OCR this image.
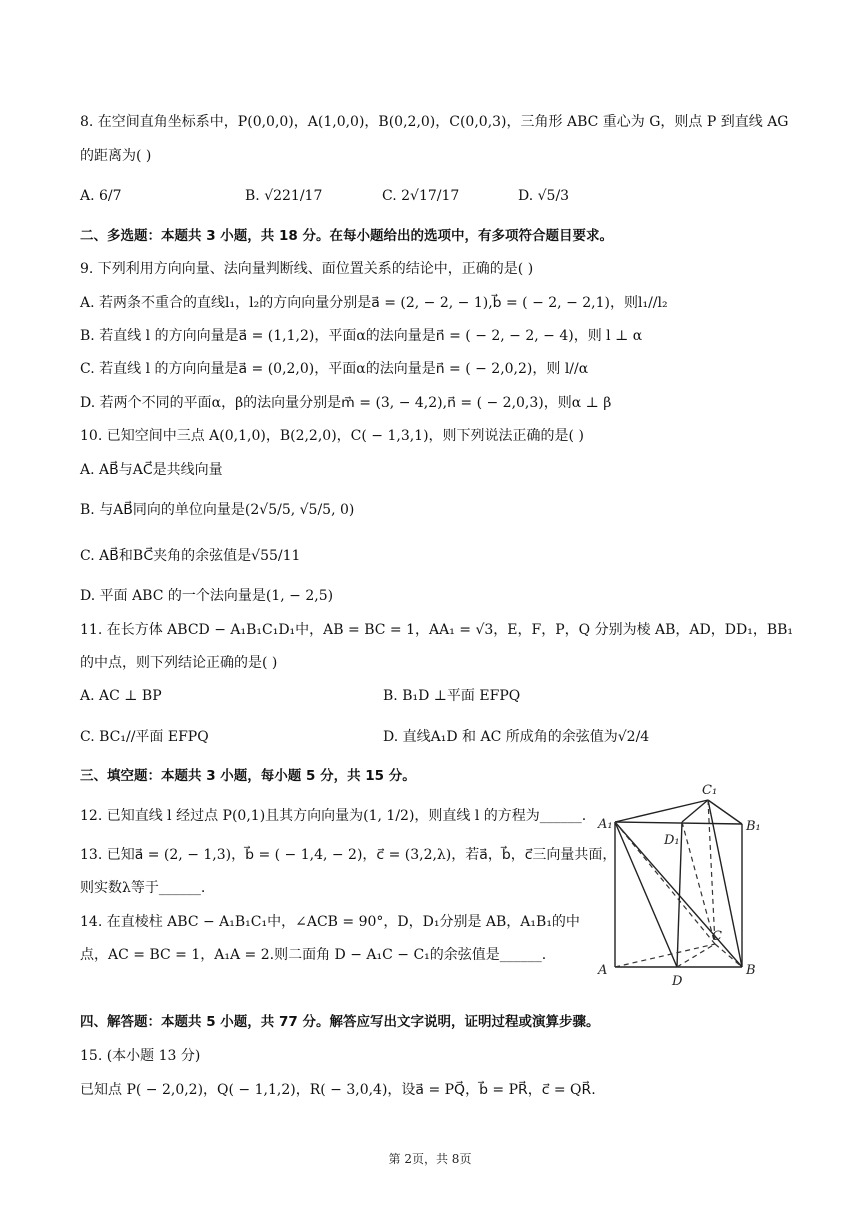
8. 在空间直角坐标系中，P(0,0,0)，A(1,0,0)，B(0,2,0)，C(0,0,3)，三角形 ABC 重心为 G，则点 P 到直线 AG
的距离为( )
A. 6/7	B. √221/17	C. 2√17/17	D. √5/3
二、多选题：本题共 3 小题，共 18 分。在每小题给出的选项中，有多项符合题目要求。
9. 下列利用方向向量、法向量判断线、面位置关系的结论中，正确的是( )
A. 若两条不重合的直线l₁，l₂的方向向量分别是a⃗ = (2, − 2, − 1),b⃗ = ( − 2, − 2,1)，则l₁//l₂
B. 若直线 l 的方向向量是a⃗ = (1,1,2)，平面α的法向量是n⃗ = ( − 2, − 2, − 4)，则 l ⊥ α
C. 若直线 l 的方向向量是a⃗ = (0,2,0)，平面α的法向量是n⃗ = ( − 2,0,2)，则 l//α
D. 若两个不同的平面α，β的法向量分别是m⃗ = (3, − 4,2),n⃗ = ( − 2,0,3)，则α ⊥ β
10. 已知空间中三点 A(0,1,0)，B(2,2,0)，C( − 1,3,1)，则下列说法正确的是( )
A. AB⃗与AC⃗是共线向量
B. 与AB⃗同向的单位向量是(2√5/5, √5/5, 0)
C. AB⃗和BC⃗夹角的余弦值是√55/11
D. 平面 ABC 的一个法向量是(1, − 2,5)
11. 在长方体 ABCD − A₁B₁C₁D₁中，AB = BC = 1，AA₁ = √3，E，F，P，Q 分别为棱 AB，AD，DD₁，BB₁
的中点，则下列结论正确的是( )
A. AC ⊥ BP	B. B₁D ⊥平面 EFPQ
C. BC₁//平面 EFPQ	D. 直线A₁D 和 AC 所成角的余弦值为√2/4
三、填空题：本题共 3 小题，每小题 5 分，共 15 分。
12. 已知直线 l 经过点 P(0,1)且其方向向量为(1, 1/2)，则直线 l 的方程为______.
13. 已知a⃗ = (2, − 1,3)，b⃗ = ( − 1,4, − 2)，c⃗ = (3,2,λ)，若a⃗，b⃗，c⃗三向量共面，
则实数λ等于______.
14. 在直棱柱 ABC − A₁B₁C₁中，∠ACB = 90°，D，D₁分别是 AB，A₁B₁的中
点，AC = BC = 1，A₁A = 2.则二面角 D − A₁C − C₁的余弦值是______.
A₁
C₁
B₁
D₁
C
A
D
B
四、解答题：本题共 5 小题，共 77 分。解答应写出文字说明，证明过程或演算步骤。
15. (本小题 13 分)
已知点 P( − 2,0,2)，Q( − 1,1,2)，R( − 3,0,4)，设a⃗ = PQ⃗，b⃗ = PR⃗，c⃗ = QR⃗.
第 2页，共 8页
